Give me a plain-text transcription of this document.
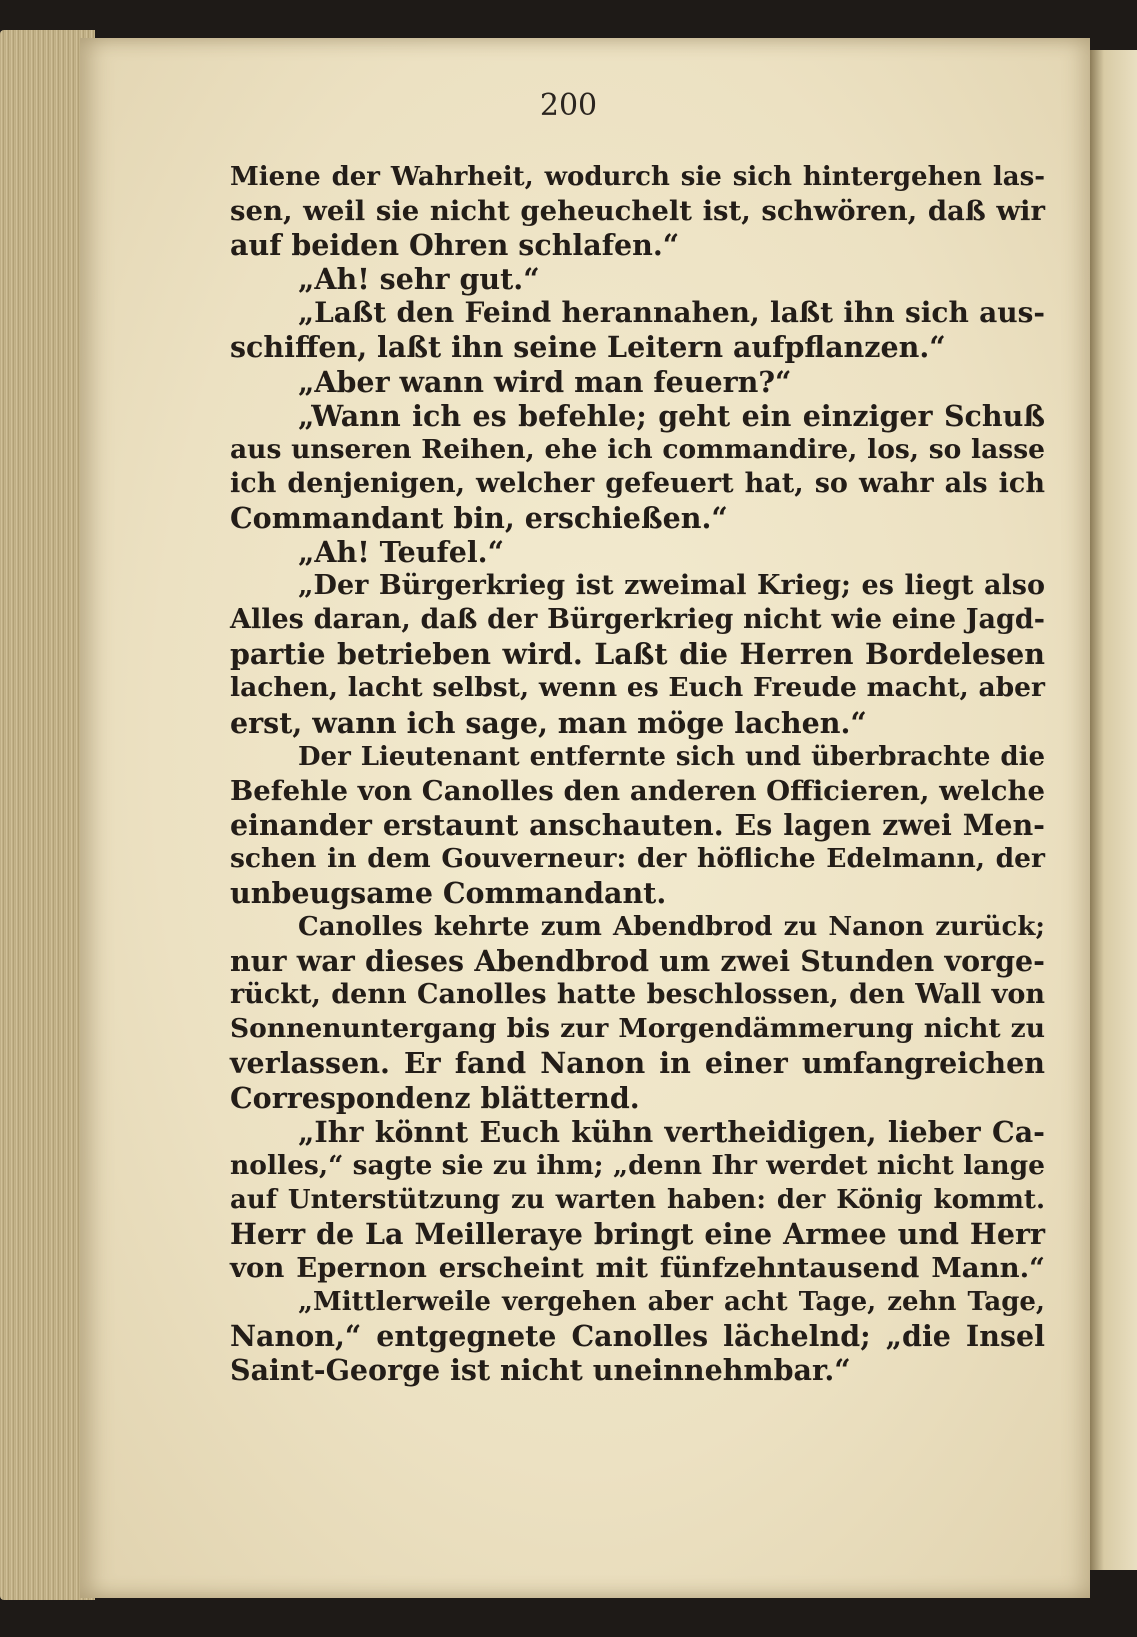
200
Miene der Wahrheit, wodurch sie sich hintergehen las-
sen, weil sie nicht geheuchelt ist, schwören, daß wir
auf beiden Ohren schlafen.“
„Ah! sehr gut.“
„Laßt den Feind herannahen, laßt ihn sich aus-
schiffen, laßt ihn seine Leitern aufpflanzen.“
„Aber wann wird man feuern?“
„Wann ich es befehle; geht ein einziger Schuß
aus unseren Reihen, ehe ich commandire, los, so lasse
ich denjenigen, welcher gefeuert hat, so wahr als ich
Commandant bin, erschießen.“
„Ah! Teufel.“
„Der Bürgerkrieg ist zweimal Krieg; es liegt also
Alles daran, daß der Bürgerkrieg nicht wie eine Jagd-
partie betrieben wird. Laßt die Herren Bordelesen
lachen, lacht selbst, wenn es Euch Freude macht, aber
erst, wann ich sage, man möge lachen.“
Der Lieutenant entfernte sich und überbrachte die
Befehle von Canolles den anderen Officieren, welche
einander erstaunt anschauten. Es lagen zwei Men-
schen in dem Gouverneur: der höfliche Edelmann, der
unbeugsame Commandant.
Canolles kehrte zum Abendbrod zu Nanon zurück;
nur war dieses Abendbrod um zwei Stunden vorge-
rückt, denn Canolles hatte beschlossen, den Wall von
Sonnenuntergang bis zur Morgendämmerung nicht zu
verlassen. Er fand Nanon in einer umfangreichen
Correspondenz blätternd.
„Ihr könnt Euch kühn vertheidigen, lieber Ca-
nolles,“ sagte sie zu ihm; „denn Ihr werdet nicht lange
auf Unterstützung zu warten haben: der König kommt.
Herr de La Meilleraye bringt eine Armee und Herr
von Epernon erscheint mit fünfzehntausend Mann.“
„Mittlerweile vergehen aber acht Tage, zehn Tage,
Nanon,“ entgegnete Canolles lächelnd; „die Insel
Saint-George ist nicht uneinnehmbar.“
